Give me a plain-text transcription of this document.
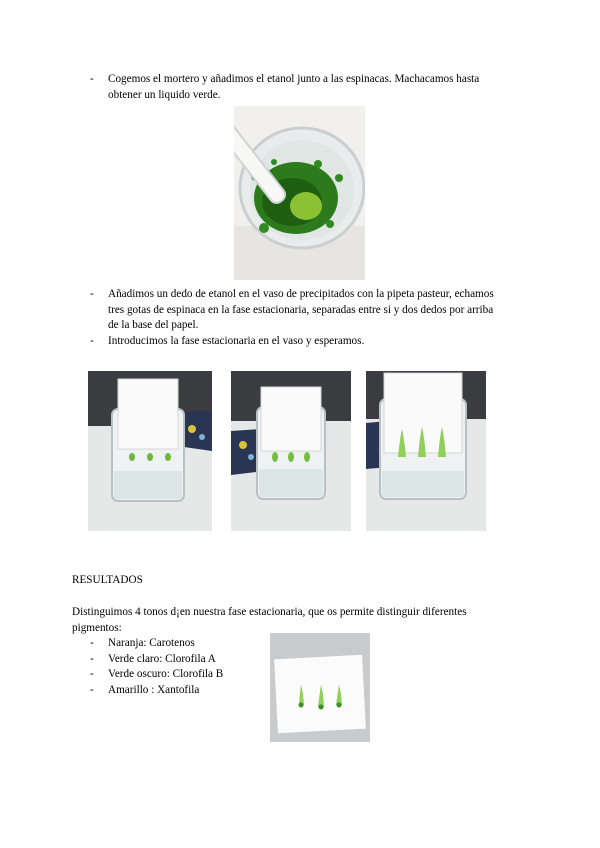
- Cogemos el mortero y añadimos el etanol junto a las espinacas. Machacamos hasta
obtener un liquido verde.
- Añadimos un dedo de etanol en el vaso de precipitados con la pipeta pasteur, echamos
tres gotas de espinaca en la fase estacionaria, separadas entre si y dos dedos por arriba
de la base del papel.
- Introducimos la fase estacionaria en el vaso y esperamos.
RESULTADOS
Distinguimos 4 tonos d¡en nuestra fase estacionaria, que os permite distinguir diferentes
pigmentos:
- Naranja: Carotenos
- Verde claro: Clorofila A
- Verde oscuro: Clorofila B
- Amarillo : Xantofila
